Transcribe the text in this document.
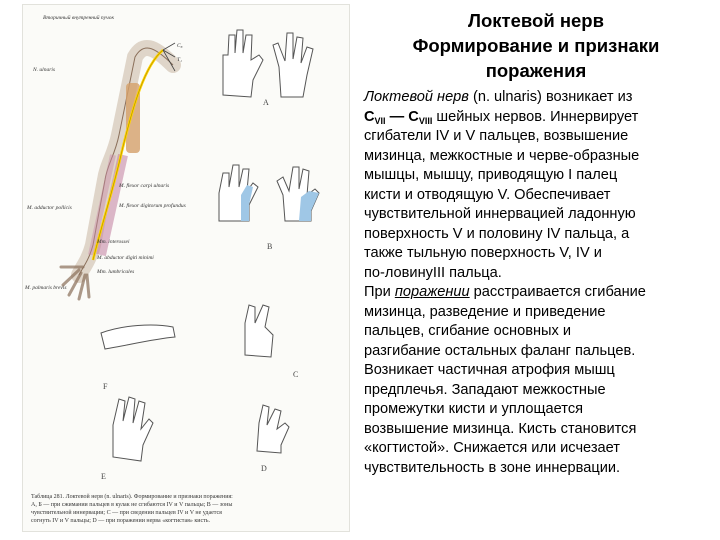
Вторичный внутренний пучок
N. ulnaris
C₈
T₁
M. flexor carpi ulnaris
M. flexor digitorum profundus
M. adductor pollicis
Mm. interossei
M. abductor digiti minimi
Mm. lumbricales
M. palmaris brevis
A
B
F
C
E
D
Таблица 281. Локтевой нерв (n. ulnaris). Формирование и признаки поражения:
А, Б — при сжимании пальцев в кулак не сгибаются IV и V пальцы; В — зоны
чувствительной иннервации; С — при сведении пальцев IV и V не удается
согнуть IV и V пальцы; D — при поражении нерва «когтистая» кисть.
Локтевой нерв
Формирование и признаки
поражения
Локтевой нерв (n. ulnaris) возникает из
$C_{VII}$ — $C_{VIII}$ шейных нервов. Иннервирует
сгибатели IV и V пальцев, возвышение
мизинца, межкостные и черве-образные
мышцы, мышцу, приводящую I палец
кисти и отводящую V. Обеспечивает
чувствительной иннервацией ладонную
поверхность V и половину IV пальца, а
также тыльную поверхность V, IV и
по-ловинуIII пальца.
При поражении расстраивается сгибание
мизинца, разведение и приведение
пальцев, сгибание основных и
разгибание остальных фаланг пальцев.
Возникает частичная атрофия мышц
предплечья. Западают межкостные
промежутки кисти и уплощается
возвышение мизинца. Кисть становится
«когтистой». Снижается или исчезает
чувствительность в зоне иннервации.
